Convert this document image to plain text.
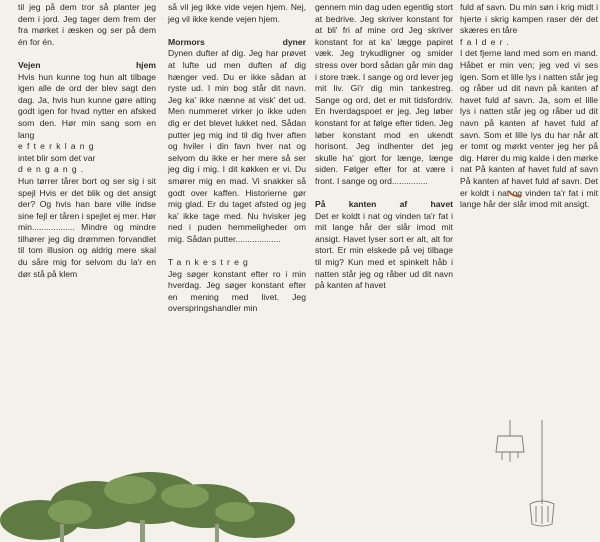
til jeg på dem tror så planter jeg dem i jord. Jeg tager dem frem der fra mørket i æsken og ser på dem én for én.

Vejen	hjem

Hvis hun kunne tog hun alt tilbage igen alle de ord der blev sagt den dag. Ja, hvis hun kunne gøre alting godt igen for hvad nytter en afsked som den. Hør min sang som en lang

efterklang

intet blir som det var

dengang.

Hun tørrer tårer bort og ser sig i sit spejl Hvis er det blik og det ansigt der? Og hvis han bare ville indse sine fejl er tåren i spejlet ej mer. Hør min.................. Mindre og mindre tilhører jeg dig drømmen forvandlet til tom illusion og aldrig mere skal du såre mig for selvom du la'r en dør stå på klem

så vil jeg ikke vide vejen hjem. Nej, jeg vil ikke kende vejen hjem.

Mormors	dyner

Dynen dufter af dig. Jeg har prøvet at lufte ud men duften af dig hænger ved. Du er ikke sådan at ryste ud. I min bog står dit navn. Jeg ka' ikke nænne at visk' det ud. Men nummeret virker jo ikke uden dig er det blevet lukket ned. Sådan putter jeg mig ind til dig hver aften og hviler i din favn hver nat og selvom du ikke er her mere så ser jeg dig i mig. I dit køkken er vi. Du smører mig en mad. Vi snakker så godt over kaffen. Historierne gør mig glad. Er du taget afsted og jeg ka' ikke tage med. Nu hvisker jeg ned i puden hemmeligheder om mig. Sådan putter...................

Tankestreg

Jeg søger konstant efter ro i min hverdag. Jeg søger konstant efter en mening med livet. Jeg overspringshandler min

gennem min dag uden egentlig stort at bedrive. Jeg skriver konstant for at bli' fri af mine ord Jeg skriver konstant for at ka' lægge papiret væk. Jeg trykudligner og smider stress over bord sådan går min dag i store træk. I sange og ord lever jeg mit liv. Gi'r dig min tankestreg. Sange og ord, det er mit tidsfordriv. En hverdagspoet er jeg. Jeg løber konstant for at følge efter tiden. Jeg løber konstant mod en ukendt horisont. Jeg indhenter det jeg skulle ha' gjort for længe, længe siden. Følger efter for at være i front. I sange og ord...............

På	kanten	af	havet

Det er koldt i nat og vinden ta'r fat i mit lange hår der slår imod mit ansigt. Havet lyser sort er alt, alt for stort. Er min elskede på vej tilbage til mig? Kun med et spinkelt håb i natten står jeg og råber ud dit navn på kanten af havet

fuld af savn. Du min søn i krig midt i hjerte i skrig kampen raser dér det skæres en tåre

falder.

I det fjerne land med som en mand. Håbet er min ven; jeg ved vi ses igen. Som et lille lys i natten står jeg og råber ud dit navn på kanten af havet fuld af savn. Ja, som et lille lys i natten står jeg og råber ud dit navn på kanten af havet fuld af savn. Som et lille lys du har når alt er tomt og mørkt venter jeg her på dig. Hører du mig kalde i den mørke nat På kanten af havet fuld af savn På kanten af havet fuld af savn. Det er koldt i nat og vinden ta'r fat i mit lange hår der slår imod mit ansigt.
